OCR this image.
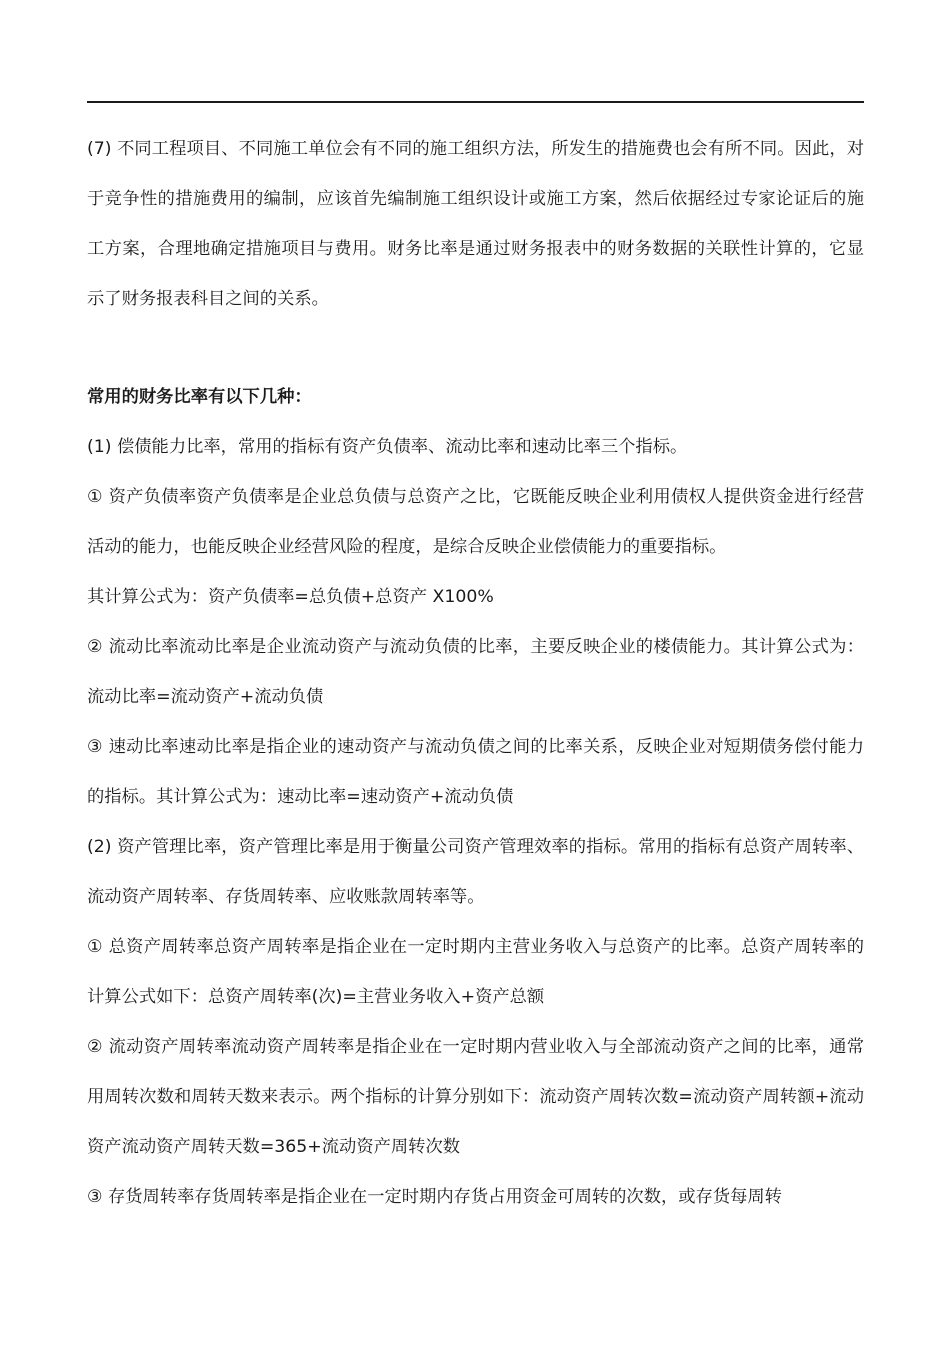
(7) 不同工程项目、不同施工单位会有不同的施工组织方法，所发生的措施费也会有所不同。因此，对于竞争性的措施费用的编制，应该首先编制施工组织设计或施工方案，然后依据经过专家论证后的施工方案，合理地确定措施项目与费用。财务比率是通过财务报表中的财务数据的关联性计算的，它显示了财务报表科目之间的关系。

常用的财务比率有以下几种：

(1) 偿债能力比率，常用的指标有资产负债率、流动比率和速动比率三个指标。

① 资产负债率资产负债率是企业总负债与总资产之比，它既能反映企业利用债权人提供资金进行经营活动的能力，也能反映企业经营风险的程度，是综合反映企业偿债能力的重要指标。

其计算公式为：资产负债率=总负债+总资产 X100%

② 流动比率流动比率是企业流动资产与流动负债的比率，主要反映企业的楼债能力。其计算公式为：流动比率=流动资产+流动负债

③ 速动比率速动比率是指企业的速动资产与流动负债之间的比率关系，反映企业对短期债务偿付能力的指标。其计算公式为：速动比率=速动资产+流动负债

(2) 资产管理比率，资产管理比率是用于衡量公司资产管理效率的指标。常用的指标有总资产周转率、流动资产周转率、存货周转率、应收账款周转率等。

① 总资产周转率总资产周转率是指企业在一定时期内主营业务收入与总资产的比率。总资产周转率的计算公式如下：总资产周转率(次)=主营业务收入+资产总额

② 流动资产周转率流动资产周转率是指企业在一定时期内营业收入与全部流动资产之间的比率，通常用周转次数和周转天数来表示。两个指标的计算分别如下：流动资产周转次数=流动资产周转额+流动资产流动资产周转天数=365+流动资产周转次数

③ 存货周转率存货周转率是指企业在一定时期内存货占用资金可周转的次数，或存货每周转
